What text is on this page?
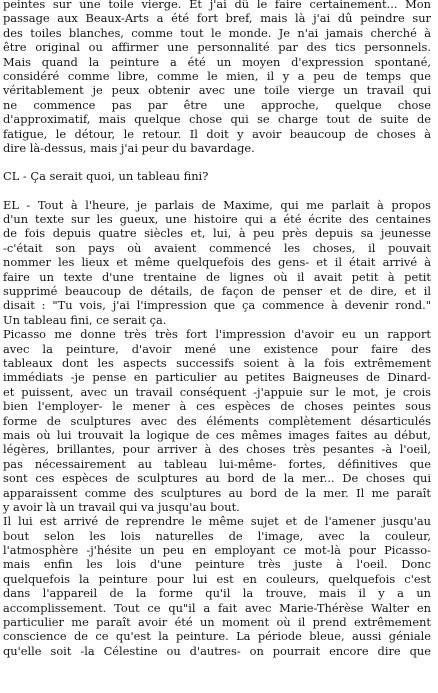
peintes sur une toile vierge. Et j'ai dû le faire certainement... Mon
passage aux Beaux-Arts a été fort bref, mais là j'ai dû peindre sur
des toiles blanches, comme tout le monde. Je n'ai jamais cherché à
être original ou affirmer une personnalité par des tics personnels.
Mais quand la peinture a été un moyen d'expression spontané,
considéré comme libre, comme le mien, il y a peu de temps que
véritablement je peux obtenir avec une toile vierge un travail qui
ne commence pas par être une approche, quelque chose
d'approximatif, mais quelque chose qui se charge tout de suite de
fatigue, le détour, le retour. Il doit y avoir beaucoup de choses à
dire là-dessus, mais j'ai peur du bavardage.
CL - Ça serait quoi, un tableau fini?
EL - Tout à l'heure, je parlais de Maxime, qui me parlait à propos
d'un texte sur les gueux, une histoire qui a été écrite des centaines
de fois depuis quatre siècles et, lui, à peu près depuis sa jeunesse
-c'était son pays où avaient commencé les choses, il pouvait
nommer les lieux et même quelquefois des gens- et il était arrivé à
faire un texte d'une trentaine de lignes où il avait petit à petit
supprimé beaucoup de détails, de façon de penser et de dire, et il
disait : "Tu vois, j'ai l'impression que ça commence à devenir rond."
Un tableau fini, ce serait ça.
Picasso me donne très très fort l'impression d'avoir eu un rapport
avec la peinture, d'avoir mené une existence pour faire des
tableaux dont les aspects successifs soient à la fois extrêmement
immédiats -je pense en particulier au petites Baigneuses de Dinard-
et puissent, avec un travail conséquent -j'appuie sur le mot, je crois
bien l'employer- le mener à ces espèces de choses peintes sous
forme de sculptures avec des éléments complètement désarticulés
mais où lui trouvait la logique de ces mêmes images faites au début,
légères, brillantes, pour arriver à des choses très pesantes -à l'oeil,
pas nécessairement au tableau lui-même- fortes, définitives que
sont ces espèces de sculptures au bord de la mer... De choses qui
apparaissent comme des sculptures au bord de la mer. Il me paraît
y avoir là un travail qui va jusqu'au bout.
Il lui est arrivé de reprendre le même sujet et de l'amener jusqu'au
bout selon les lois naturelles de l'image, avec la couleur,
l'atmosphère -j'hésite un peu en employant ce mot-là pour Picasso-
mais enfin les lois d'une peinture très juste à l'oeil. Donc
quelquefois la peinture pour lui est en couleurs, quelquefois c'est
dans l'appareil de la forme qu'il la trouve, mais il y a un
accomplissement. Tout ce qu"il a fait avec Marie-Thérèse Walter en
particulier me paraît avoir été un moment où il prend extrêmement
conscience de ce qu'est la peinture. La période bleue, aussi géniale
qu'elle soit -la Célestine ou d'autres- on pourrait encore dire que
